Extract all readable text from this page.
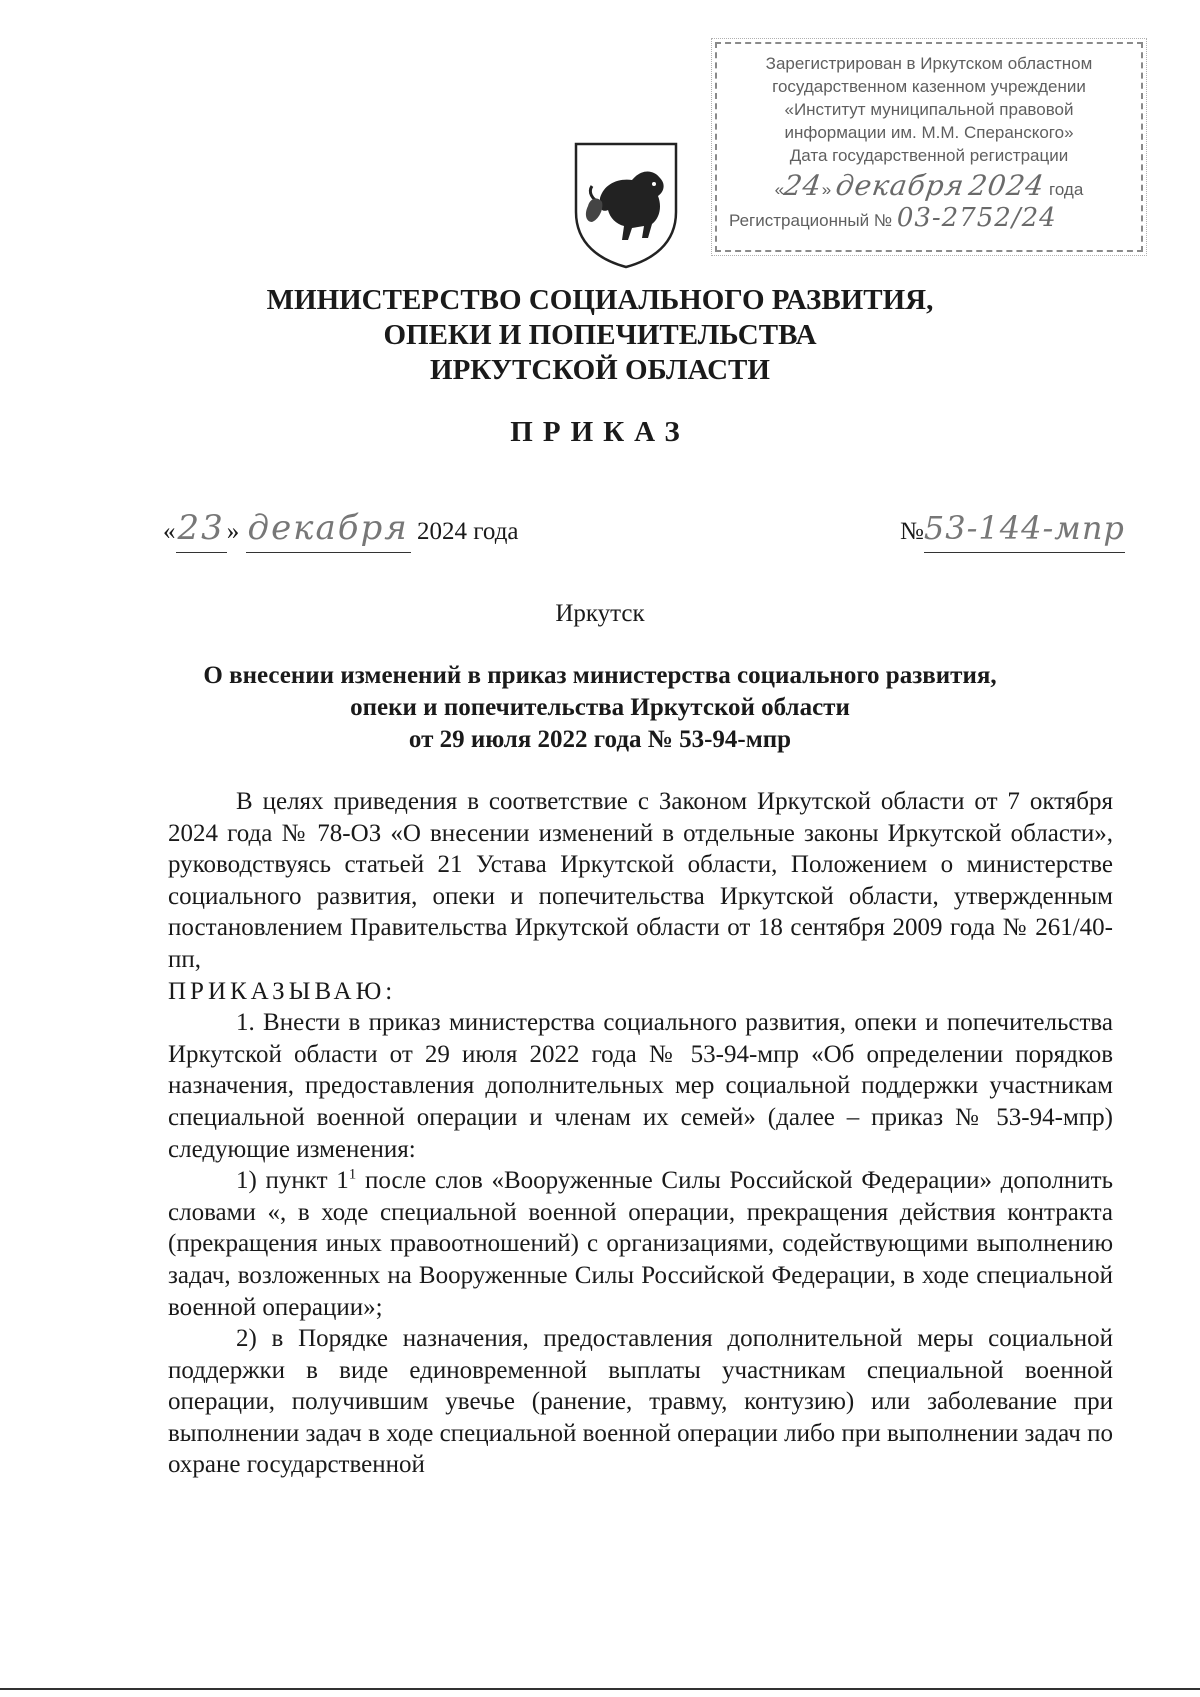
Зарегистрирован в Иркутском областном
государственном казенном учреждении
«Институт муниципальной правовой
информации им. М.М. Сперанского»
Дата государственной регистрации
«24» декабря 2024 года
Регистрационный № 03-2752/24
МИНИСТЕРСТВО СОЦИАЛЬНОГО РАЗВИТИЯ,
ОПЕКИ И ПОПЕЧИТЕЛЬСТВА
ИРКУТСКОЙ ОБЛАСТИ
ПРИКАЗ
«23» декабря 2024 года	№53-144-мпр
Иркутск
О внесении изменений в приказ министерства социального развития,
опеки и попечительства Иркутской области
от 29 июля 2022 года № 53-94-мпр

В целях приведения в соответствие с Законом Иркутской области от 7 октября 2024 года № 78-ОЗ «О внесении изменений в отдельные законы Иркутской области», руководствуясь статьей 21 Устава Иркутской области, Положением о министерстве социального развития, опеки и попечительства Иркутской области, утвержденным постановлением Правительства Иркутской области от 18 сентября 2009 года № 261/40-пп,

ПРИКАЗЫВАЮ:

1. Внести в приказ министерства социального развития, опеки и попечительства Иркутской области от 29 июля 2022 года № 53-94-мпр «Об определении порядков назначения, предоставления дополнительных мер социальной поддержки участникам специальной военной операции и членам их семей» (далее – приказ № 53-94-мпр) следующие изменения:

1) пункт $1^1$ после слов «Вооруженные Силы Российской Федерации» дополнить словами «, в ходе специальной военной операции, прекращения действия контракта (прекращения иных правоотношений) с организациями, содействующими выполнению задач, возложенных на Вооруженные Силы Российской Федерации, в ходе специальной военной операции»;

2) в Порядке назначения, предоставления дополнительной меры социальной поддержки в виде единовременной выплаты участникам специальной военной операции, получившим увечье (ранение, травму, контузию) или заболевание при выполнении задач в ходе специальной военной операции либо при выполнении задач по охране государственной
